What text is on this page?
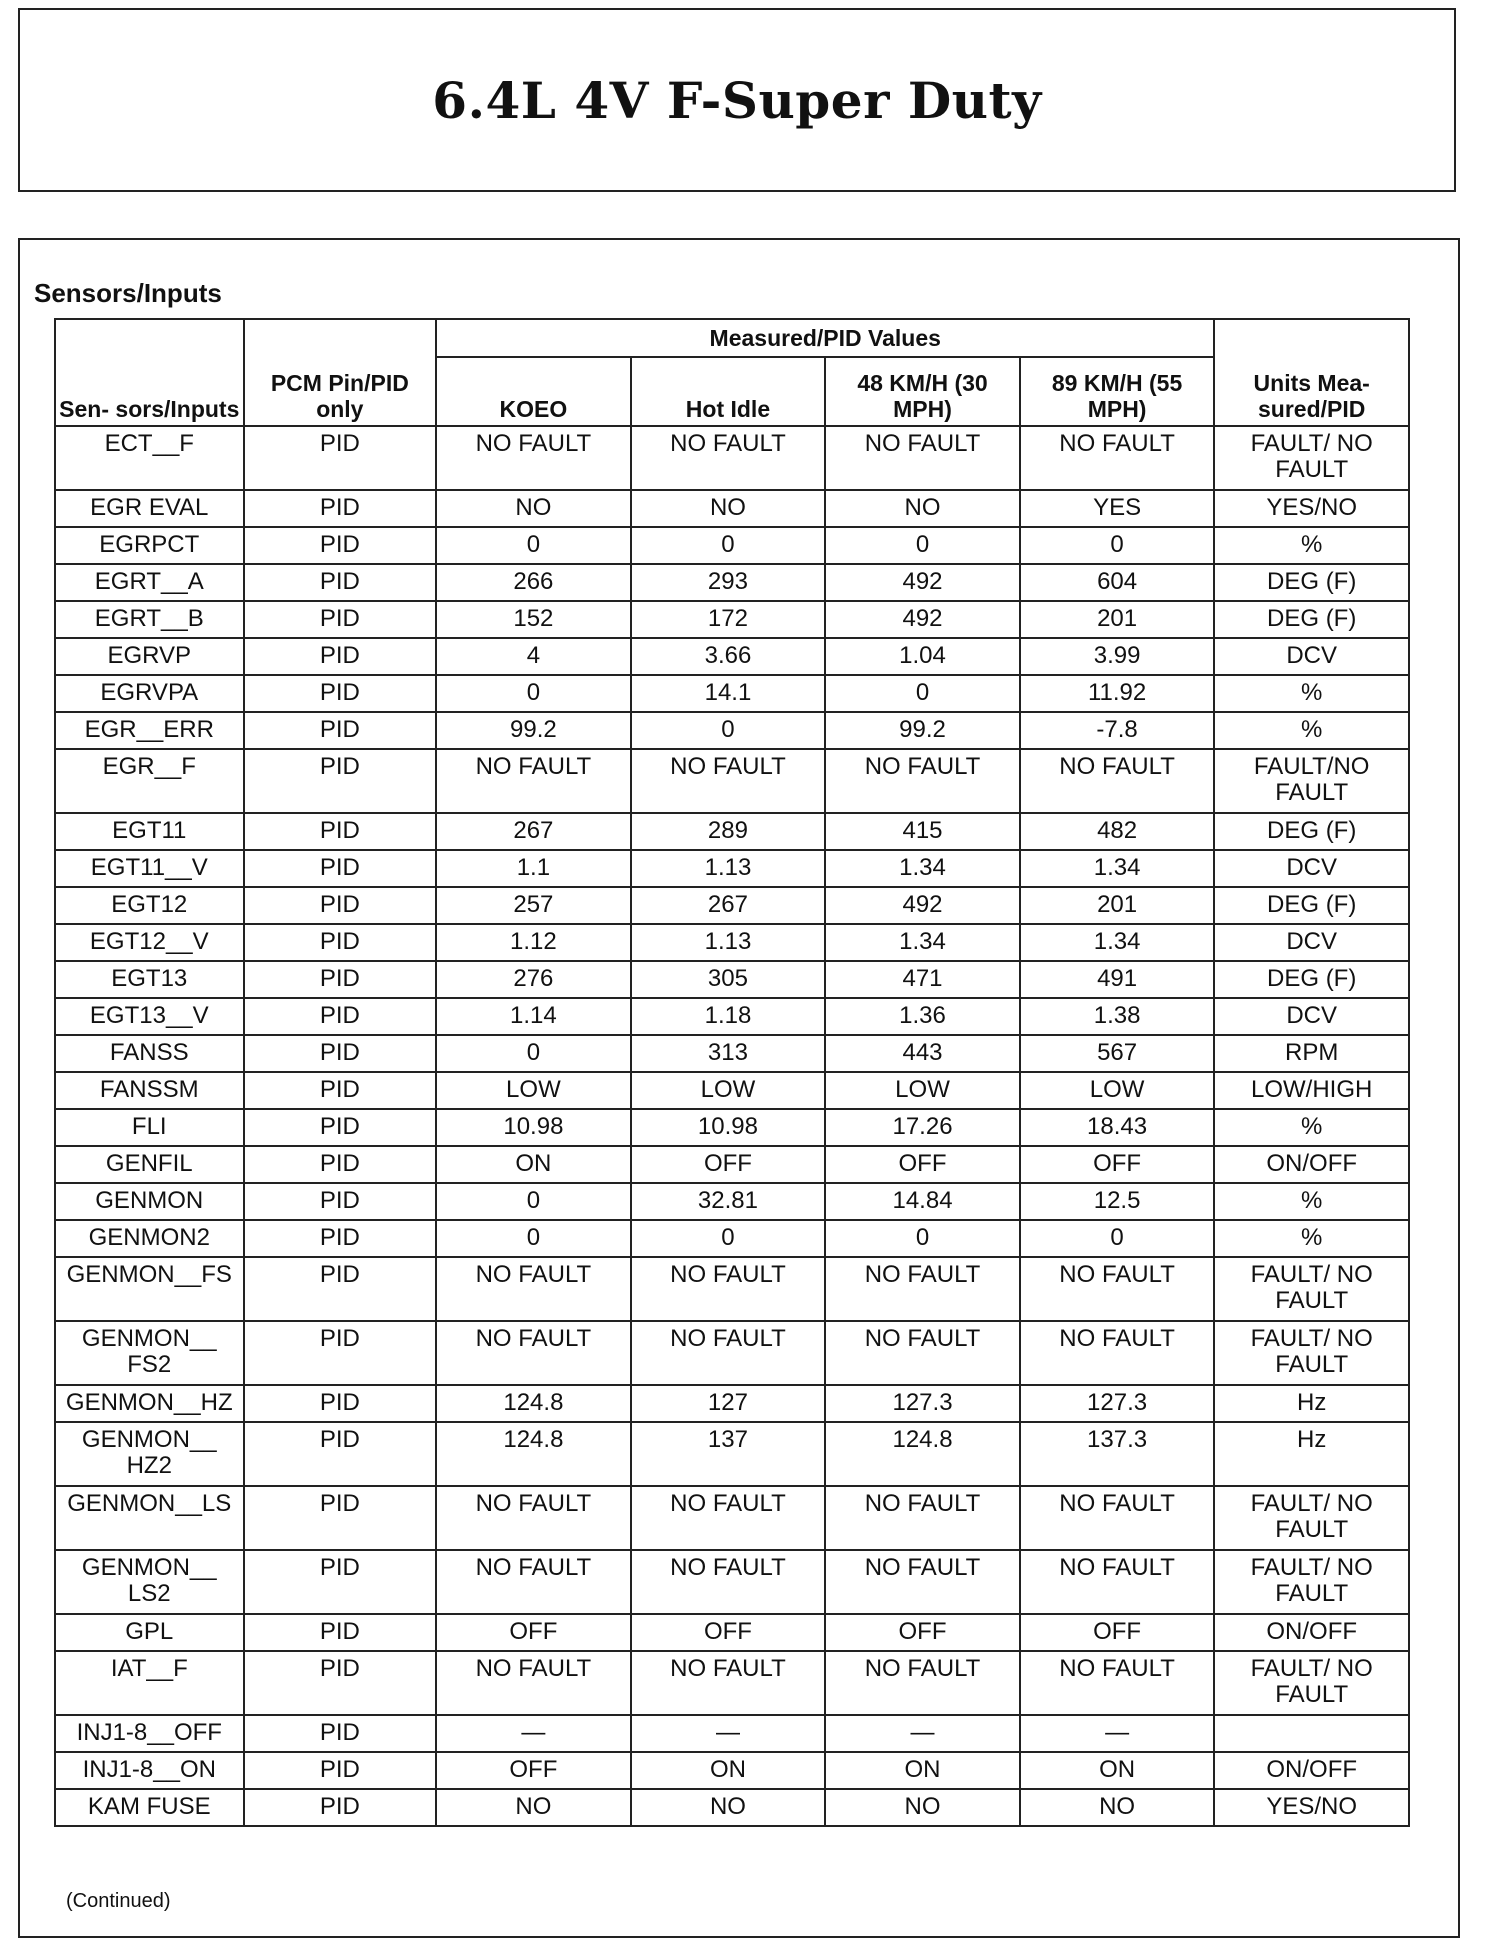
6.4L 4V F-Super Duty
Sensors/Inputs
Sen- sors/Inputs	PCM Pin/PID only	Measured/PID Values				Units Mea- sured/PID
		KOEO	Hot Idle	48 KM/H (30 MPH)	89 KM/H (55 MPH)	
ECT__F	PID	NO FAULT	NO FAULT	NO FAULT	NO FAULT	FAULT/ NO FAULT
EGR EVAL	PID	NO	NO	NO	YES	YES/NO
EGRPCT	PID	0	0	0	0	%
EGRT__A	PID	266	293	492	604	DEG (F)
EGRT__B	PID	152	172	492	201	DEG (F)
EGRVP	PID	4	3.66	1.04	3.99	DCV
EGRVPA	PID	0	14.1	0	11.92	%
EGR__ERR	PID	99.2	0	99.2	-7.8	%
EGR__F	PID	NO FAULT	NO FAULT	NO FAULT	NO FAULT	FAULT/NO FAULT
EGT11	PID	267	289	415	482	DEG (F)
EGT11__V	PID	1.1	1.13	1.34	1.34	DCV
EGT12	PID	257	267	492	201	DEG (F)
EGT12__V	PID	1.12	1.13	1.34	1.34	DCV
EGT13	PID	276	305	471	491	DEG (F)
EGT13__V	PID	1.14	1.18	1.36	1.38	DCV
FANSS	PID	0	313	443	567	RPM
FANSSM	PID	LOW	LOW	LOW	LOW	LOW/HIGH
FLI	PID	10.98	10.98	17.26	18.43	%
GENFIL	PID	ON	OFF	OFF	OFF	ON/OFF
GENMON	PID	0	32.81	14.84	12.5	%
GENMON2	PID	0	0	0	0	%
GENMON__FS	PID	NO FAULT	NO FAULT	NO FAULT	NO FAULT	FAULT/ NO FAULT
GENMON__ FS2	PID	NO FAULT	NO FAULT	NO FAULT	NO FAULT	FAULT/ NO FAULT
GENMON__HZ	PID	124.8	127	127.3	127.3	Hz
GENMON__ HZ2	PID	124.8	137	124.8	137.3	Hz
GENMON__LS	PID	NO FAULT	NO FAULT	NO FAULT	NO FAULT	FAULT/ NO FAULT
GENMON__ LS2	PID	NO FAULT	NO FAULT	NO FAULT	NO FAULT	FAULT/ NO FAULT
GPL	PID	OFF	OFF	OFF	OFF	ON/OFF
IAT__F	PID	NO FAULT	NO FAULT	NO FAULT	NO FAULT	FAULT/ NO FAULT
INJ1-8__OFF	PID	—	—	—	—	
INJ1-8__ON	PID	OFF	ON	ON	ON	ON/OFF
KAM FUSE	PID	NO	NO	NO	NO	YES/NO
(Continued)
